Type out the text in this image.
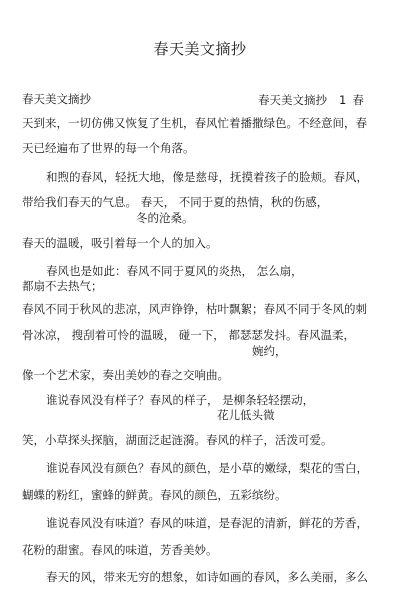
春天美文摘抄
春天美文摘抄	春天美文摘抄 1 春
天到来，一切仿佛又恢复了生机，春风忙着播撒绿色。不经意间，春
天已经遍布了世界的每一个角落。
和煦的春风，轻抚大地，像是慈母，抚摸着孩子的脸颊。春风，
带给我们春天的气息。 春天， 不同于夏的热情，秋的伤感，
冬的沧桑。
春天的温暖，吸引着每一个人的加入。
春风也是如此：春风不同于夏风的炎热， 怎么扇，
都扇不去热气；
春风不同于秋风的悲凉，风声铮铮，枯叶飘絮；春风不同于冬风的刺
骨冰凉， 搜刮着可怜的温暖， 碰一下， 都瑟瑟发抖。春风温柔，
婉约，
像一个艺术家，奏出美妙的春之交响曲。
谁说春风没有样子？春风的样子， 是柳条轻轻摆动，
花儿低头微
笑，小草探头探脑，湖面泛起涟漪。春风的样子，活泼可爱。
谁说春风没有颜色？春风的颜色，是小草的嫩绿，梨花的雪白，
蝴蝶的粉红，蜜蜂的鲜黄。春风的颜色，五彩缤纷。
谁说春风没有味道？春风的味道，是春泥的清新，鲜花的芳香，
花粉的甜蜜。春风的味道，芳香美妙。
春天的风，带来无穷的想象，如诗如画的春风，多么美丽，多么
